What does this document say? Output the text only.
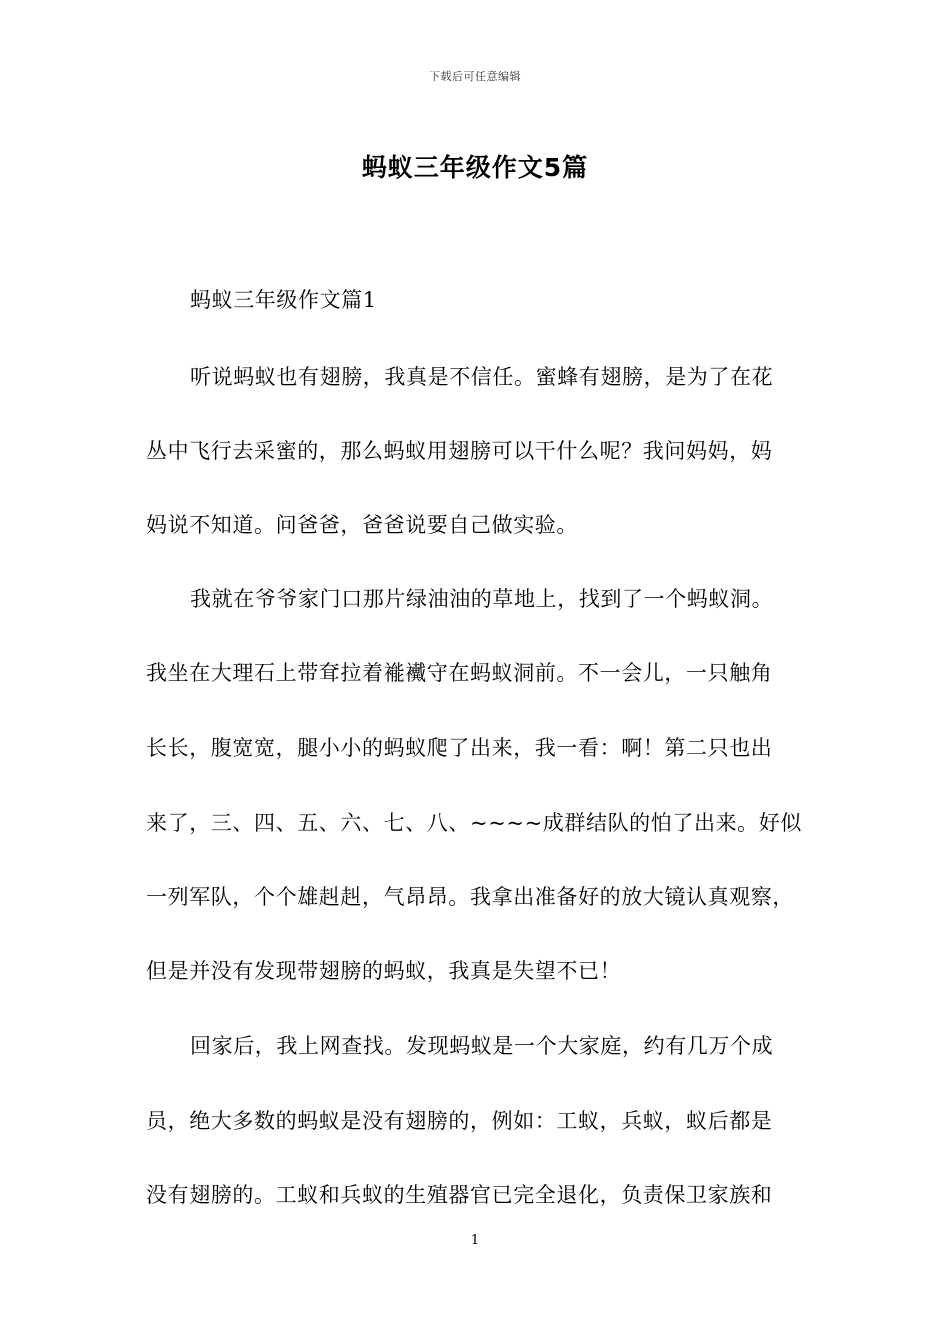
下载后可任意编辑
蚂蚁三年级作文5篇
蚂蚁三年级作文篇1
听说蚂蚁也有翅膀，我真是不信任。蜜蜂有翅膀，是为了在花
丛中飞行去采蜜的，那么蚂蚁用翅膀可以干什么呢？我问妈妈，妈
妈说不知道。问爸爸，爸爸说要自己做实验。
我就在爷爷家门口那片绿油油的草地上，找到了一个蚂蚁洞。
我坐在大理石上带耷拉着褦襶守在蚂蚁洞前。不一会儿，一只触角
长长，腹宽宽，腿小小的蚂蚁爬了出来，我一看：啊！第二只也出
来了，三、四、五、六、七、八、~~~~成群结队的怕了出来。好似
一列军队，个个雄赳赳，气昂昂。我拿出准备好的放大镜认真观察，
但是并没有发现带翅膀的蚂蚁，我真是失望不已！
回家后，我上网查找。发现蚂蚁是一个大家庭，约有几万个成
员，绝大多数的蚂蚁是没有翅膀的，例如：工蚁，兵蚁，蚁后都是
没有翅膀的。工蚁和兵蚁的生殖器官已完全退化，负责保卫家族和
1
